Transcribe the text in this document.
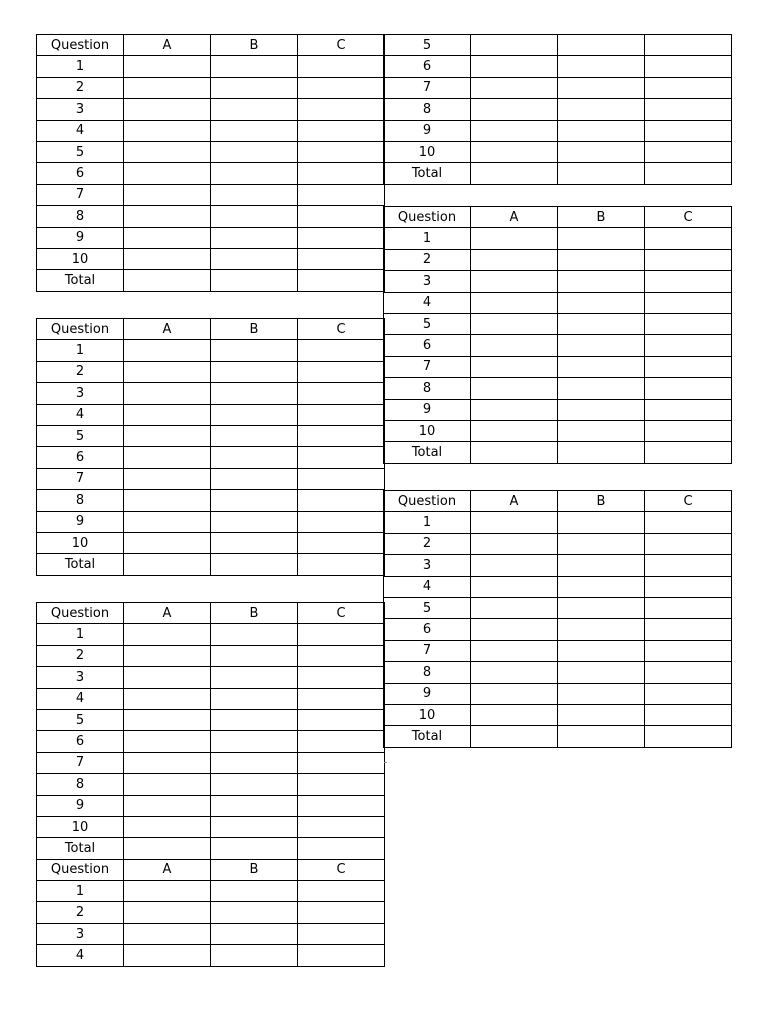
5			
6			
7			
8			
9			
10			
Total			
Question	A	B	C
1			
2			
3			
4			
5			
6			
7			
8			
9			
10			
Total			
Question	A	B	C
1			
2			
3			
4			
5			
6			
7			
8			
9			
10			
Total			
Question	A	B	C
1			
2			
3			
4			
5			
6			
7			
8			
9			
10			
Total			
Question	A	B	C
1			
2			
3			
4			
Question	A	B	C
1			
2			
3			
4			
5			
6			
7			
8			
9			
10			
Total			
Question	A	B	C
1			
2			
3			
4			
5			
6			
7			
8			
9			
10			
Total			
